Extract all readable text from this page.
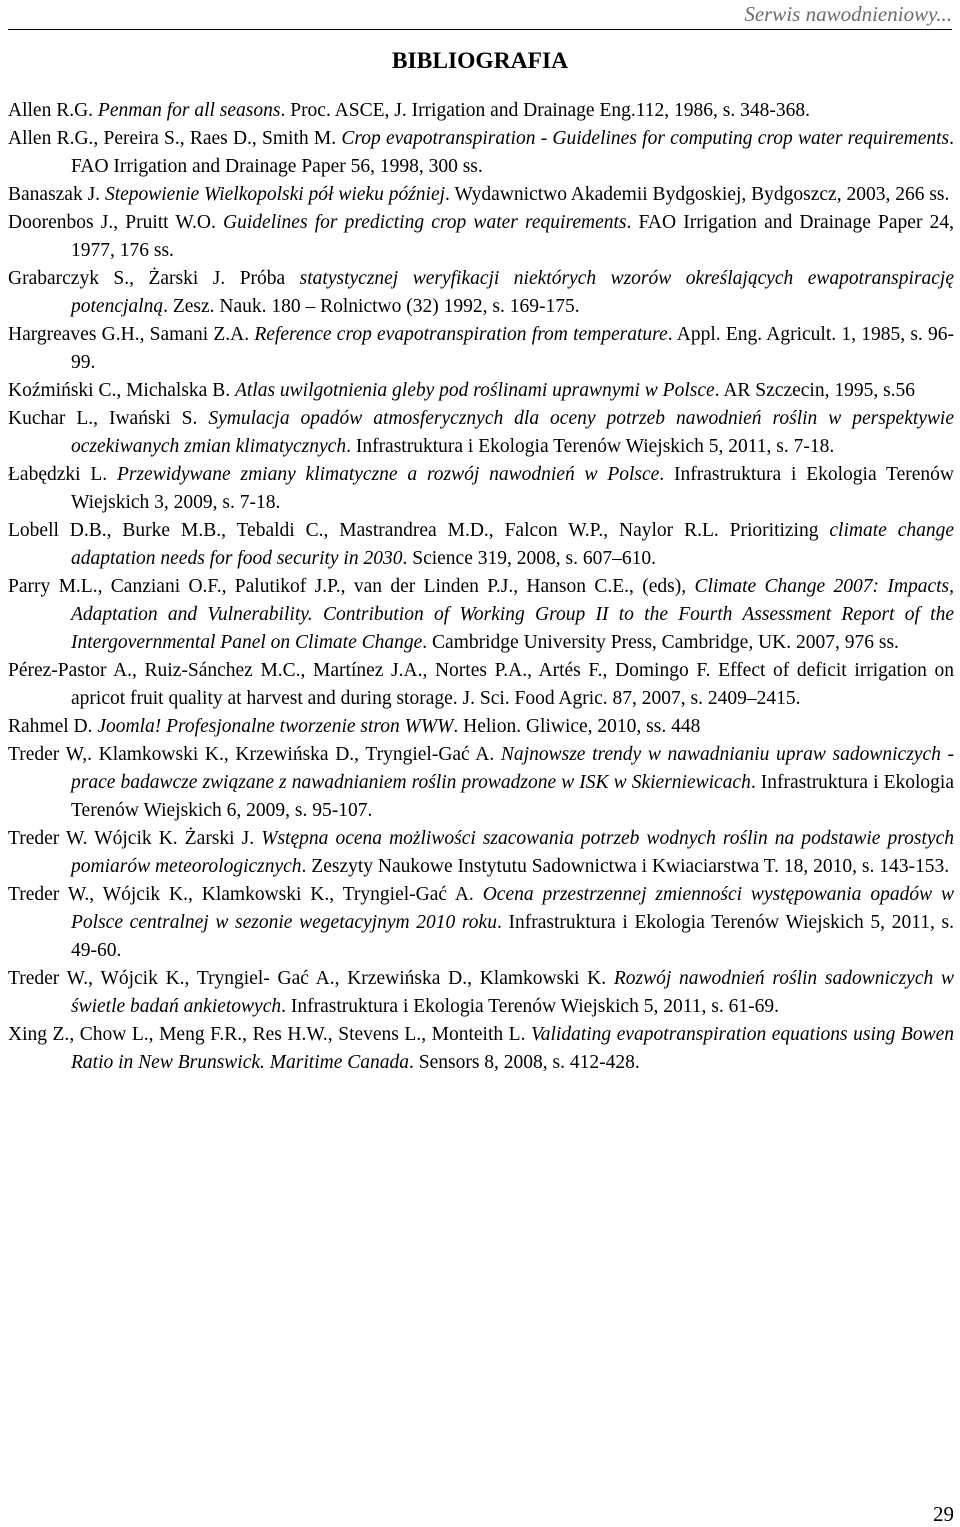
Serwis nawodnieniowy...
BIBLIOGRAFIA

Allen R.G. Penman for all seasons. Proc. ASCE, J. Irrigation and Drainage Eng.112, 1986, s. 348-368.

Allen R.G., Pereira S., Raes D., Smith M. Crop evapotranspiration - Guidelines for computing crop water requirements. FAO Irrigation and Drainage Paper 56, 1998, 300 ss.

Banaszak J. Stepowienie Wielkopolski pół wieku później. Wydawnictwo Akademii Bydgoskiej, Bydgoszcz, 2003, 266 ss.

Doorenbos J., Pruitt W.O. Guidelines for predicting crop water requirements. FAO Irrigation and Drainage Paper 24, 1977, 176 ss.

Grabarczyk S., Żarski J. Próba statystycznej weryfikacji niektórych wzorów określających ewapotranspirację potencjalną. Zesz. Nauk. 180 – Rolnictwo (32) 1992, s. 169-175.

Hargreaves G.H., Samani Z.A. Reference crop evapotranspiration from temperature. Appl. Eng. Agricult. 1, 1985, s. 96-99.

Koźmiński C., Michalska B. Atlas uwilgotnienia gleby pod roślinami uprawnymi w Polsce. AR Szczecin, 1995, s.56

Kuchar L., Iwański S. Symulacja opadów atmosferycznych dla oceny potrzeb nawodnień roślin w perspektywie oczekiwanych zmian klimatycznych. Infrastruktura i Ekologia Terenów Wiejskich 5, 2011, s. 7-18.

Łabędzki L. Przewidywane zmiany klimatyczne a rozwój nawodnień w Polsce. Infrastruktura i Ekologia Terenów Wiejskich 3, 2009, s. 7-18.

Lobell D.B., Burke M.B., Tebaldi C., Mastrandrea M.D., Falcon W.P., Naylor R.L. Prioritizing climate change adaptation needs for food security in 2030. Science 319, 2008, s. 607–610.

Parry M.L., Canziani O.F., Palutikof J.P., van der Linden P.J., Hanson C.E., (eds), Climate Change 2007: Impacts, Adaptation and Vulnerability. Contribution of Working Group II to the Fourth Assessment Report of the Intergovernmental Panel on Climate Change. Cambridge University Press, Cambridge, UK. 2007, 976 ss.

Pérez-Pastor A., Ruiz-Sánchez M.C., Martínez J.A., Nortes P.A., Artés F., Domingo F. Effect of deficit irrigation on apricot fruit quality at harvest and during storage. J. Sci. Food Agric. 87, 2007, s. 2409–2415.

Rahmel D. Joomla! Profesjonalne tworzenie stron WWW. Helion. Gliwice, 2010, ss. 448

Treder W,. Klamkowski K., Krzewińska D., Tryngiel-Gać A. Najnowsze trendy w nawadnianiu upraw sadowniczych - prace badawcze związane z nawadnianiem roślin prowadzone w ISK w Skierniewicach. Infrastruktura i Ekologia Terenów Wiejskich 6, 2009, s. 95-107.

Treder W. Wójcik K. Żarski J. Wstępna ocena możliwości szacowania potrzeb wodnych roślin na podstawie prostych pomiarów meteorologicznych. Zeszyty Naukowe Instytutu Sadownictwa i Kwiaciarstwa T. 18, 2010, s. 143-153.

Treder W., Wójcik K., Klamkowski K., Tryngiel-Gać A. Ocena przestrzennej zmienności występowania opadów w Polsce centralnej w sezonie wegetacyjnym 2010 roku. Infrastruktura i Ekologia Terenów Wiejskich 5, 2011, s. 49-60.

Treder W., Wójcik K., Tryngiel- Gać A., Krzewińska D., Klamkowski K. Rozwój nawodnień roślin sadowniczych w świetle badań ankietowych. Infrastruktura i Ekologia Terenów Wiejskich 5, 2011, s. 61-69.

Xing Z., Chow L., Meng F.R., Res H.W., Stevens L., Monteith L. Validating evapotranspiration equations using Bowen Ratio in New Brunswick. Maritime Canada. Sensors 8, 2008, s. 412-428.

29
